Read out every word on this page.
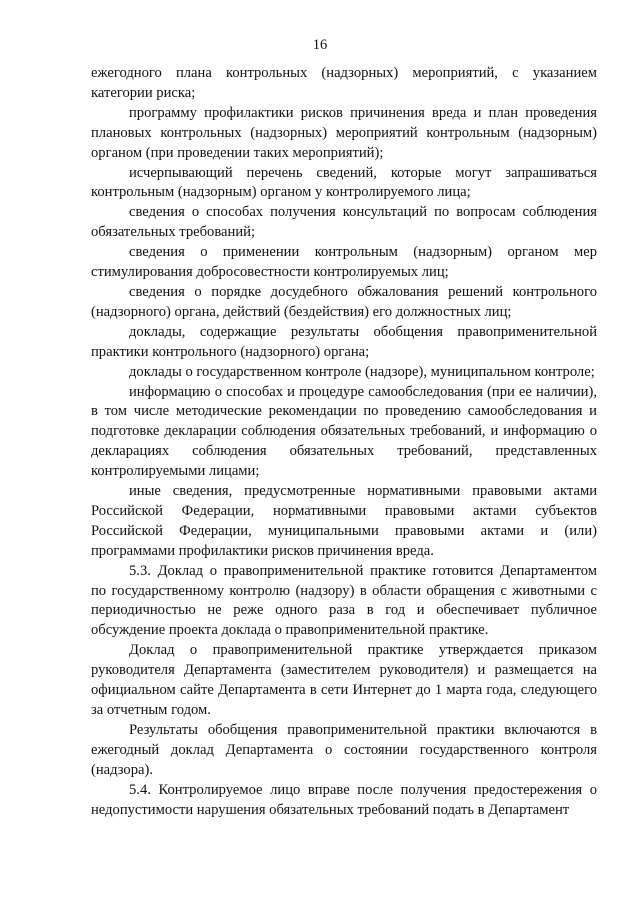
16

ежегодного плана контрольных (надзорных) мероприятий, с указанием категории риска;

программу профилактики рисков причинения вреда и план проведения плановых контрольных (надзорных) мероприятий контрольным (надзорным) органом (при проведении таких мероприятий);

исчерпывающий перечень сведений, которые могут запрашиваться контрольным (надзорным) органом у контролируемого лица;

сведения о способах получения консультаций по вопросам соблюдения обязательных требований;

сведения о применении контрольным (надзорным) органом мер стимулирования добросовестности контролируемых лиц;

сведения о порядке досудебного обжалования решений контрольного (надзорного) органа, действий (бездействия) его должностных лиц;

доклады, содержащие результаты обобщения правоприменительной практики контрольного (надзорного) органа;

доклады о государственном контроле (надзоре), муниципальном контроле;

информацию о способах и процедуре самообследования (при ее наличии), в том числе методические рекомендации по проведению самообследования и подготовке декларации соблюдения обязательных требований, и информацию о декларациях соблюдения обязательных требований, представленных контролируемыми лицами;

иные сведения, предусмотренные нормативными правовыми актами Российской Федерации, нормативными правовыми актами субъектов Российской Федерации, муниципальными правовыми актами и (или) программами профилактики рисков причинения вреда.

5.3. Доклад о правоприменительной практике готовится Департаментом по государственному контролю (надзору) в области обращения с животными с периодичностью не реже одного раза в год и обеспечивает публичное обсуждение проекта доклада о правоприменительной практике.

Доклад о правоприменительной практике утверждается приказом руководителя Департамента (заместителем руководителя) и размещается на официальном сайте Департамента в сети Интернет до 1 марта года, следующего за отчетным годом.

Результаты обобщения правоприменительной практики включаются в ежегодный доклад Департамента о состоянии государственного контроля (надзора).

5.4. Контролируемое лицо вправе после получения предостережения о недопустимости нарушения обязательных требований подать в Департамент
